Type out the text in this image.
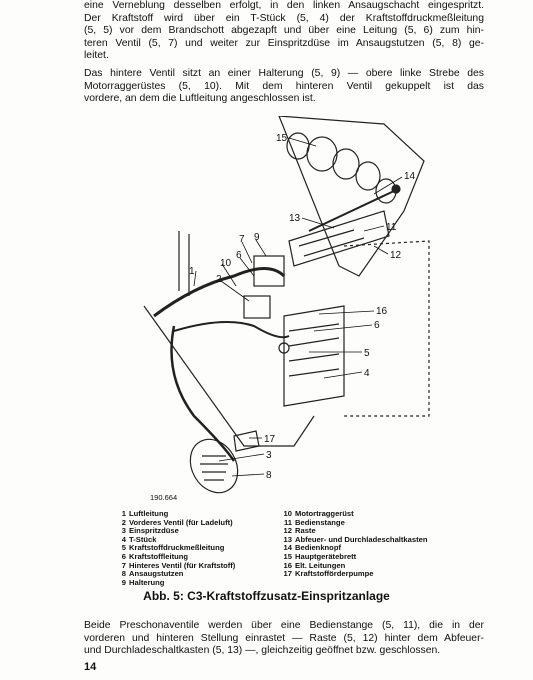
eine Verneblung desselben erfolgt, in den linken Ansaugschacht eingespritzt.
Der Kraftstoff wird über ein T-Stück (5, 4) der Kraftstoffdruckmeßleitung
(5, 5) vor dem Brandschott abgezapft und über eine Leitung (5, 6) zum hin-
teren Ventil (5, 7) und weiter zur Einspritzdüse im Ansaugstutzen (5, 8) ge-
leitet.
Das hintere Ventil sitzt an einer Halterung (5, 9) — obere linke Strebe des
Motorraggerüstes (5, 10). Mit dem hinteren Ventil gekuppelt ist das
vordere, an dem die Luftleitung angeschlossen ist.
15
14
13
11
12
7 9
6
10
1
2
16
6
5
4
17
3
8
190.664
1 Luftleitung
2 Vorderes Ventil (für Ladeluft)
3 Einspritzdüse
4 T-Stück
5 Kraftstoffdruckmeßleitung
6 Kraftstoffleitung
7 Hinteres Ventil (für Kraftstoff)
8 Ansaugstutzen
9 Halterung
10 Motortraggerüst
11 Bedienstange
12 Raste
13 Abfeuer- und Durchladeschaltkasten
14 Bedienknopf
15 Hauptgerätebrett
16 Elt. Leitungen
17 Kraftstofförderpumpe
Abb. 5: C3-Kraftstoffzusatz-Einspritzanlage
Beide Preschonaventile werden über eine Bedienstange (5, 11), die in der
vorderen und hinteren Stellung einrastet — Raste (5, 12) hinter dem Abfeuer-
und Durchladeschaltkasten (5, 13) —, gleichzeitig geöffnet bzw. geschlossen.
14
